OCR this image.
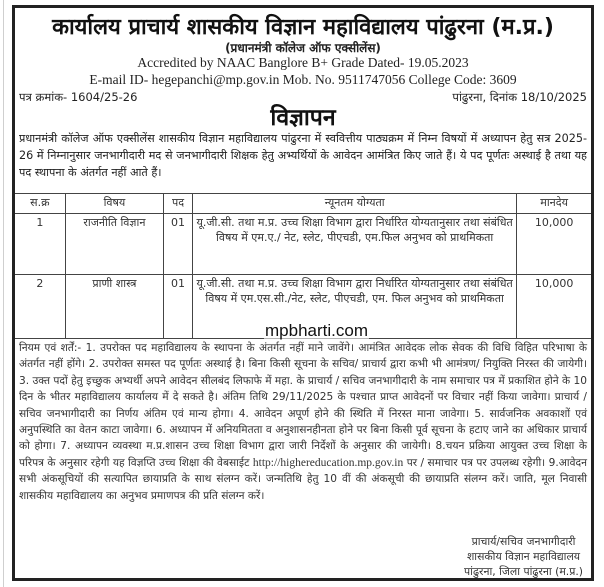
कार्यालय प्राचार्य शासकीय विज्ञान महाविद्यालय पांढुरना (म.प्र.)
(प्रधानमंत्री कॉलेज ऑफ एक्सीलेंस)
Accredited by NAAC Banglore B+ Grade Dated- 19.05.2023
E-mail ID- hegepanchi@mp.gov.in Mob. No. 9511747056 College Code: 3609
पत्र क्रमांक- 1604/25-26	पांढुरना, दिनांक 18/10/2025
विज्ञापन
प्रधानमंत्री कॉलेज ऑफ एक्सीलेंस शासकीय विज्ञान महाविद्यालय पांढुरना में स्ववित्तीय पाठ्यक्रम में निम्न विषयों में अध्यापन हेतु सत्र 2025-26 में निम्नानुसार जनभागीदारी मद से जनभागीदारी शिक्षक हेतु अभ्यर्थियों के आवेदन आमंत्रित किए जाते हैं। ये पद पूर्णतः अस्थाई है तथा यह पद स्थापना के अंतर्गत नहीं आते हैं।
स.क्र	विषय	पद	न्यूनतम योग्यता	मानदेय
1	राजनीति विज्ञान	01	यू.जी.सी. तथा म.प्र. उच्च शिक्षा विभाग द्वारा निर्धारित योग्यतानुसार तथा संबंधित विषय में एम.ए./ नेट, स्लेट, पीएचडी, एम.फिल अनुभव को प्राथमिकता	10,000
2	प्राणी शास्त्र	01	यू.जी.सी. तथा म.प्र. उच्च शिक्षा विभाग द्वारा निर्धारित योग्यतानुसार तथा संबंधित विषय में एम.एस.सी./नेट, स्लेट, पीएचडी, एम. फिल अनुभव को प्राथमिकता	10,000
mpbharti.com
नियम एवं शर्तें:- 1. उपरोक्त पद महाविद्यालय के स्थापना के अंतर्गत नहीं माने जावेंगे। आमंत्रित आवेदक लोक सेवक की विधि विहित परिभाषा के अंतर्गत नहीं होंगे। 2. उपरोक्त समस्त पद पूर्णतः अस्थाई है। बिना किसी सूचना के सचिव/ प्राचार्य द्वारा कभी भी आमंत्रण/ नियुक्ति निरस्त की जायेगी। 3. उक्त पदों हेतु इच्छुक अभ्यर्थी अपने आवेदन सीलबंद लिफाफे में महा. के प्राचार्य / सचिव जनभागीदारी के नाम समाचार पत्र में प्रकाशित होने के 10 दिन के भीतर महाविद्यालय कार्यालय में दे सकते है। अंतिम तिथि 29/11/2025 के पश्चात प्राप्त आवेदनों पर विचार नहीं किया जावेगा। प्राचार्य / सचिव जनभागीदारी का निर्णय अंतिम एवं मान्य होगा। 4. आवेदन अपूर्ण होने की स्थिति में निरस्त माना जावेगा। 5. सार्वजनिक अवकाशों एवं अनुपस्थिति का वेतन काटा जावेगा। 6. अध्यापन में अनियमितता व अनुशासनहीनता होने पर बिना किसी पूर्व सूचना के हटाए जाने का अधिकार प्राचार्य को होगा। 7. अध्यापन व्यवस्था म.प्र.शासन उच्च शिक्षा विभाग द्वारा जारी निर्देशों के अनुसार की जायेगी। 8.चयन प्रक्रिया आयुक्त उच्च शिक्षा के परिपत्र के अनुसार रहेगी यह विज्ञप्ति उच्च शिक्षा की वेबसाईट http://highereducation.mp.gov.in पर / समाचार पत्र पर उपलब्ध रहेगी। 9.आवेदन सभी अंकसूचियों की सत्यापित छायाप्रति के साथ संलग्न करें। जन्मतिथि हेतु 10 वीं की अंकसूची की छायाप्रति संलग्न करें। जाति, मूल निवासी शासकीय महाविद्यालय का अनुभव प्रमाणपत्र की प्रति संलग्न करें।
प्राचार्य/सचिव जनभागीदारी
शासकीय विज्ञान महाविद्यालय
पांढुरना, जिला पांढुरना (म.प्र.)
